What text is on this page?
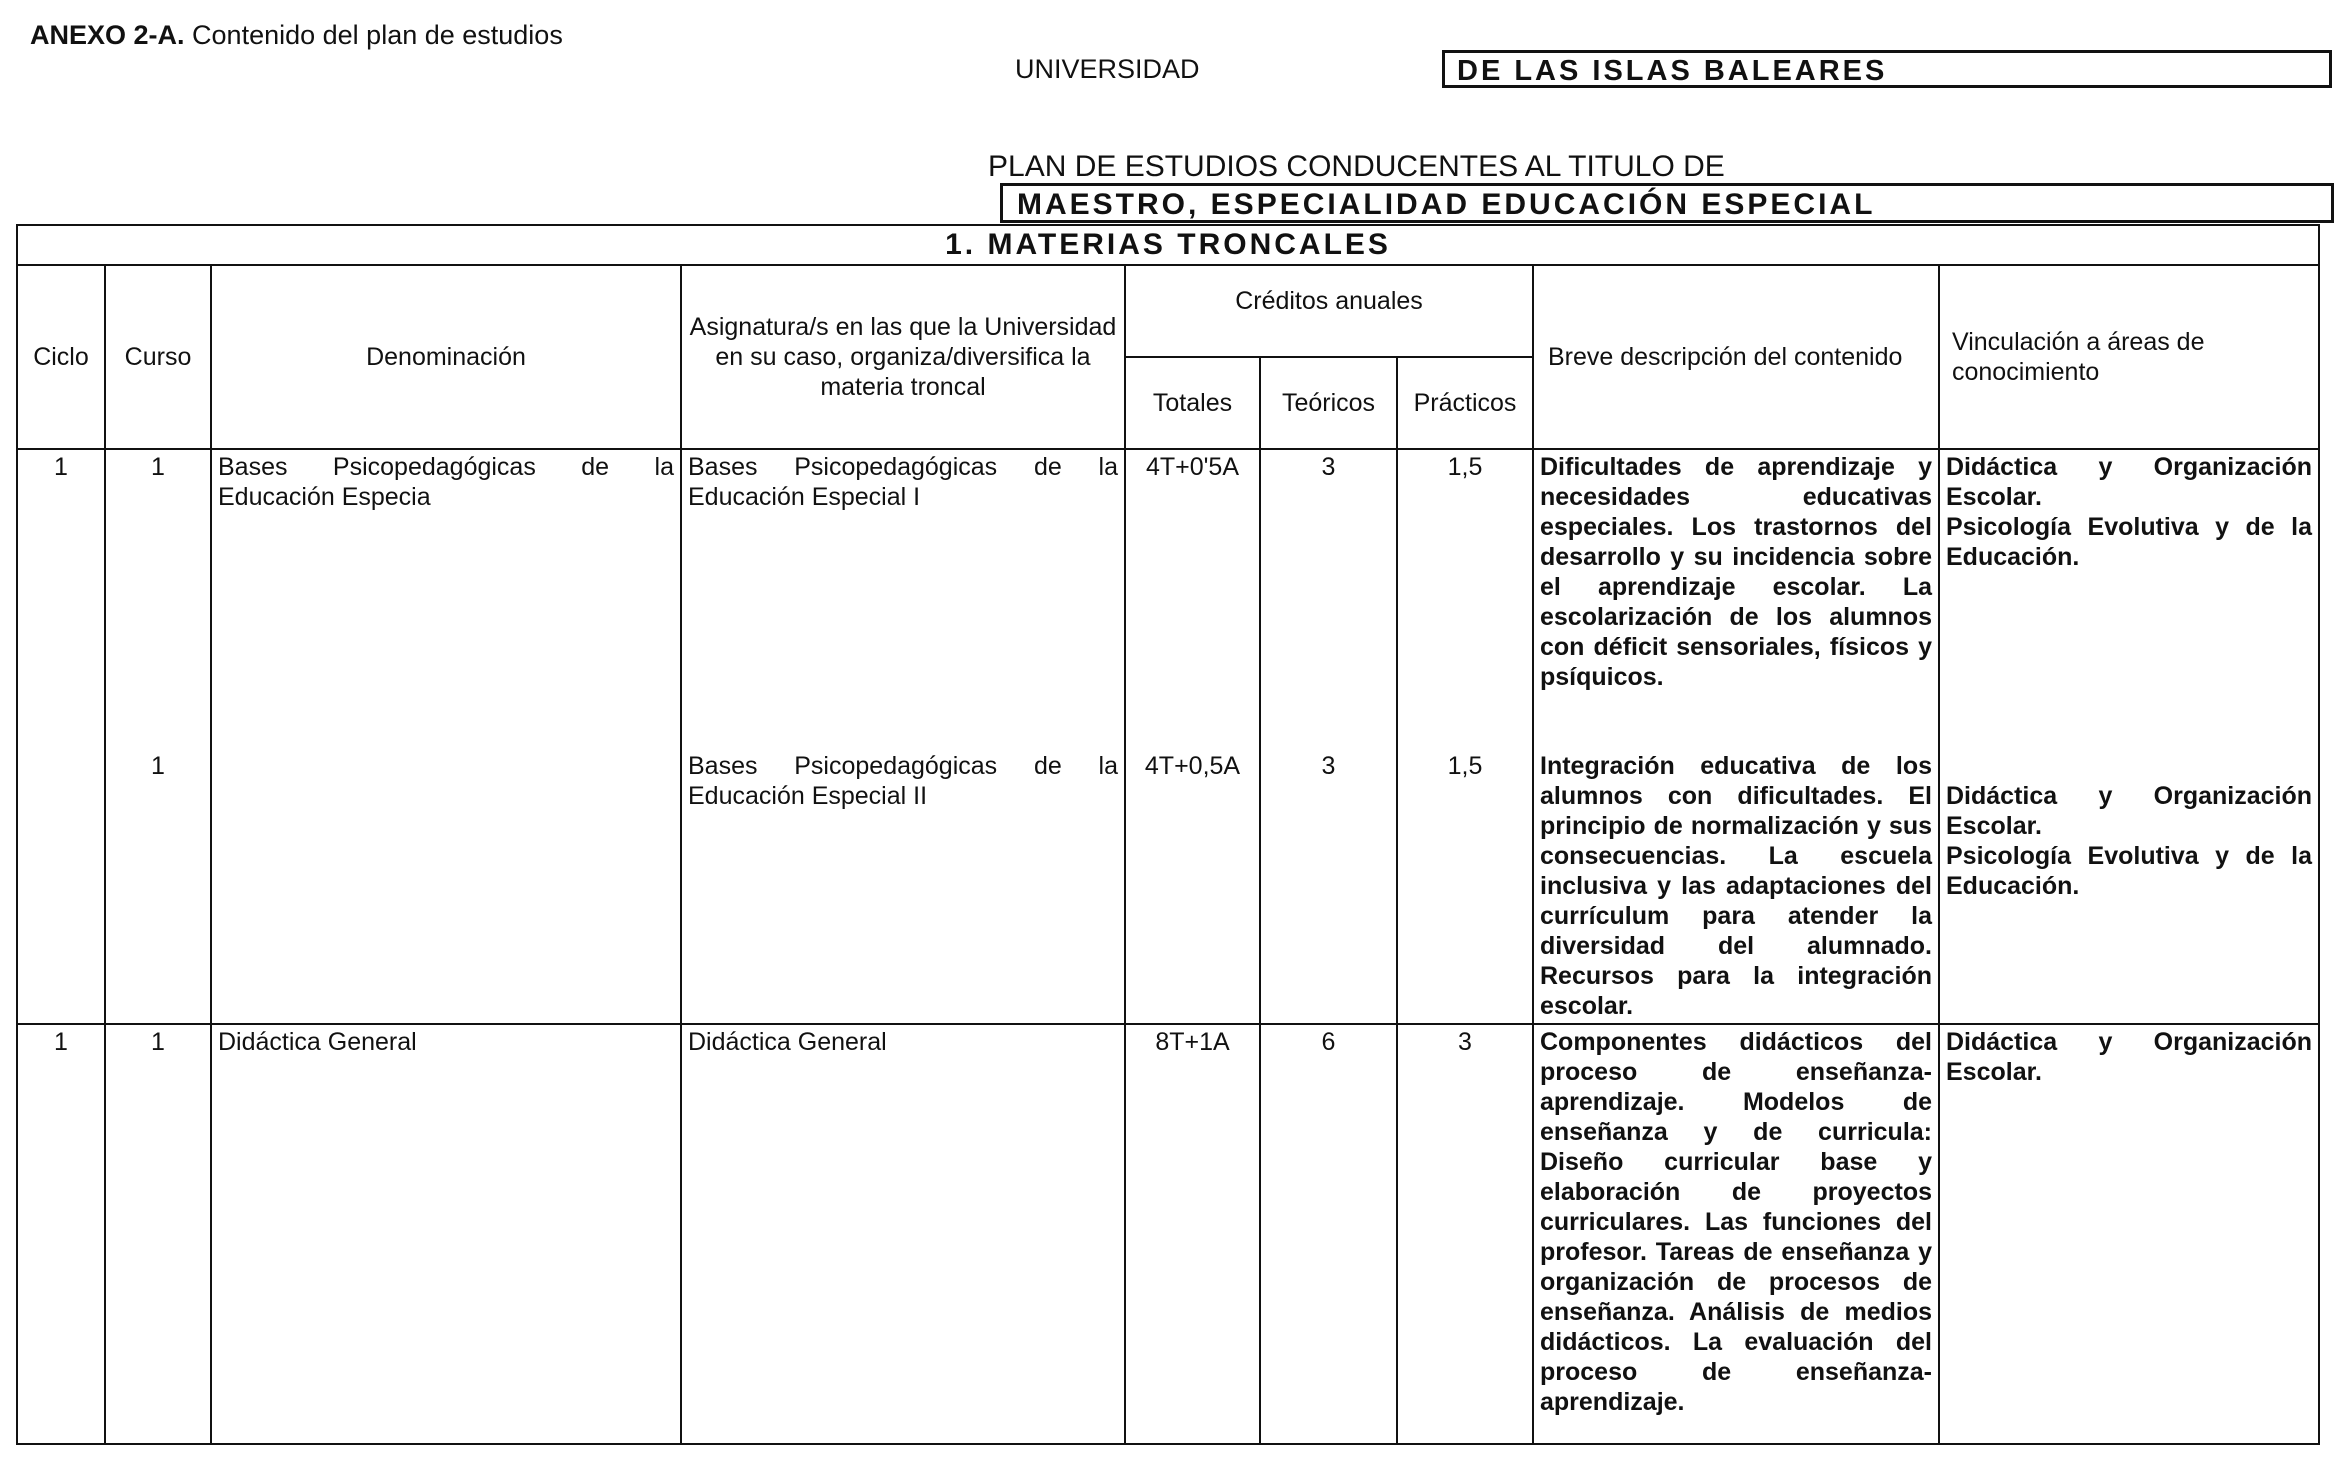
ANEXO 2-A. Contenido del plan de estudios
UNIVERSIDAD	DE LAS ISLAS BALEARES
PLAN DE ESTUDIOS CONDUCENTES AL TITULO DE
MAESTRO, ESPECIALIDAD EDUCACIÓN ESPECIAL
1. MATERIAS TRONCALES
Ciclo	Curso	Denominación	Asignatura/s en las que la Universidad en su caso, organiza/diversifica la materia troncal	Créditos anuales	Breve descripción del contenido	Vinculación a áreas de conocimiento
Totales	Teóricos	Prácticos
1	1	Bases Psicopedagógicas de la Educación Especia	Bases Psicopedagógicas de la Educación Especial I	4T+0'5A	3	1,5	Dificultades de aprendizaje y necesidades educativas especiales. Los trastornos del desarrollo y su incidencia sobre el aprendizaje escolar. La escolarización de los alumnos con déficit sensoriales, físicos y psíquicos.	
Didáctica y Organización Escolar.
Psicología Evolutiva y de la Educación.

	1		Bases Psicopedagógicas de la Educación Especial II	4T+0,5A	3	1,5	Integración educativa de los alumnos con dificultades. El principio de normalización y sus consecuencias. La escuela inclusiva y las adaptaciones del currículum para atender la diversidad del alumnado. Recursos para la integración escolar.	
Didáctica y Organización Escolar.
Psicología Evolutiva y de la Educación.

1	1	Didáctica General	Didáctica General	8T+1A	6	3	Componentes didácticos del proceso de enseñanza-aprendizaje. Modelos de enseñanza y de curricula: Diseño curricular base y elaboración de proyectos curriculares. Las funciones del profesor. Tareas de enseñanza y organización de procesos de enseñanza. Análisis de medios didácticos. La evaluación del proceso de enseñanza-aprendizaje.	
Didáctica y Organización Escolar.
